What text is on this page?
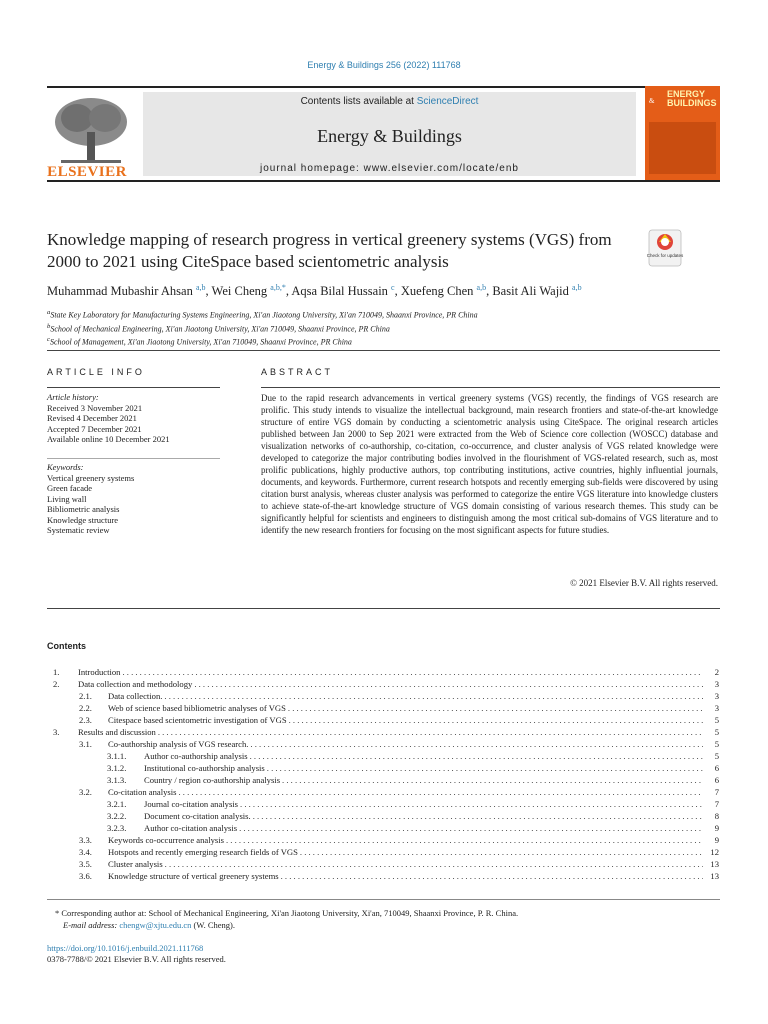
Energy & Buildings 256 (2022) 111768
ELSEVIER
Contents lists available at ScienceDirect
Energy & Buildings
journal homepage: www.elsevier.com/locate/enb
ENERGY BUILDINGS
&
Knowledge mapping of research progress in vertical greenery systems (VGS) from 2000 to 2021 using CiteSpace based scientometric analysis	Check for updates
Muhammad Mubashir Ahsan $^{a,b}$, Wei Cheng $^{a,b,*}$, Aqsa Bilal Hussain $^c$, Xuefeng Chen $^{a,b}$, Basit Ali Wajid $^{a,b}$
$^a$State Key Laboratory for Manufacturing Systems Engineering, Xi'an Jiaotong University, Xi'an 710049, Shaanxi Province, PR China
$^b$School of Mechanical Engineering, Xi'an Jiaotong University, Xi'an 710049, Shaanxi Province, PR China
$^c$School of Management, Xi'an Jiaotong University, Xi'an 710049, Shaanxi Province, PR China
ARTICLE INFO
Article history:
Received 3 November 2021
Revised 4 December 2021
Accepted 7 December 2021
Available online 10 December 2021
Keywords:
Vertical greenery systems
Green facade
Living wall
Bibliometric analysis
Knowledge structure
Systematic review
ABSTRACT
Due to the rapid research advancements in vertical greenery systems (VGS) recently, the findings of VGS research are prolific. This study intends to visualize the intellectual background, main research frontiers and state-of-the-art knowledge structure of entire VGS domain by conducting a scientometric analysis using CiteSpace. The original research articles published between Jan 2000 to Sep 2021 were extracted from the Web of Science core collection (WOSCC) database and visualization networks of co-authorship, co-citation, co-occurrence, and cluster analysis of VGS related knowledge were developed to categorize the major contributing bodies involved in the flourishment of VGS-related research, such as, most prolific publications, highly productive authors, top contributing institutions, active countries, highly influential journals, documents, and keywords. Furthermore, current research hotspots and recently emerging sub-fields were discovered by using citation burst analysis, whereas cluster analysis was performed to categorize the entire VGS literature into knowledge clusters to achieve state-of-the-art knowledge structure of VGS domain consisting of various research themes. This study can be significantly helpful for scientists and engineers to distinguish among the most critical sub-domains of VGS literature and to identify the new research frontiers for focusing on the most significant aspects for future studies.
© 2021 Elsevier B.V. All rights reserved.
Contents
1.	Introduction . . .	2
2.	Data collection and methodology . . .	3
2.1.	Data collection. . . .	3
2.2.	Web of science based bibliometric analyses of VGS . . .	3
2.3.	Citespace based scientometric investigation of VGS . . .	5
3.	Results and discussion . . .	5
3.1.	Co-authorship analysis of VGS research. . . .	5
3.1.1.	Author co-authorship analysis . . .	5
3.1.2.	Institutional co-authorship analysis . . .	6
3.1.3.	Country / region co-authorship analysis . . .	6
3.2.	Co-citation analysis . . .	7
3.2.1.	Journal co-citation analysis . . .	7
3.2.2.	Document co-citation analysis. . . .	8
3.2.3.	Author co-citation analysis . . .	9
3.3.	Keywords co-occurrence analysis . . .	9
3.4.	Hotspots and recently emerging research fields of VGS . . .	12
3.5.	Cluster analysis . . .	13
3.6.	Knowledge structure of vertical greenery systems . . .	13
* Corresponding author at: School of Mechanical Engineering, Xi'an Jiaotong University, Xi'an, 710049, Shaanxi Province, P. R. China.
E-mail address: chengw@xjtu.edu.cn (W. Cheng).
https://doi.org/10.1016/j.enbuild.2021.111768
0378-7788/© 2021 Elsevier B.V. All rights reserved.
